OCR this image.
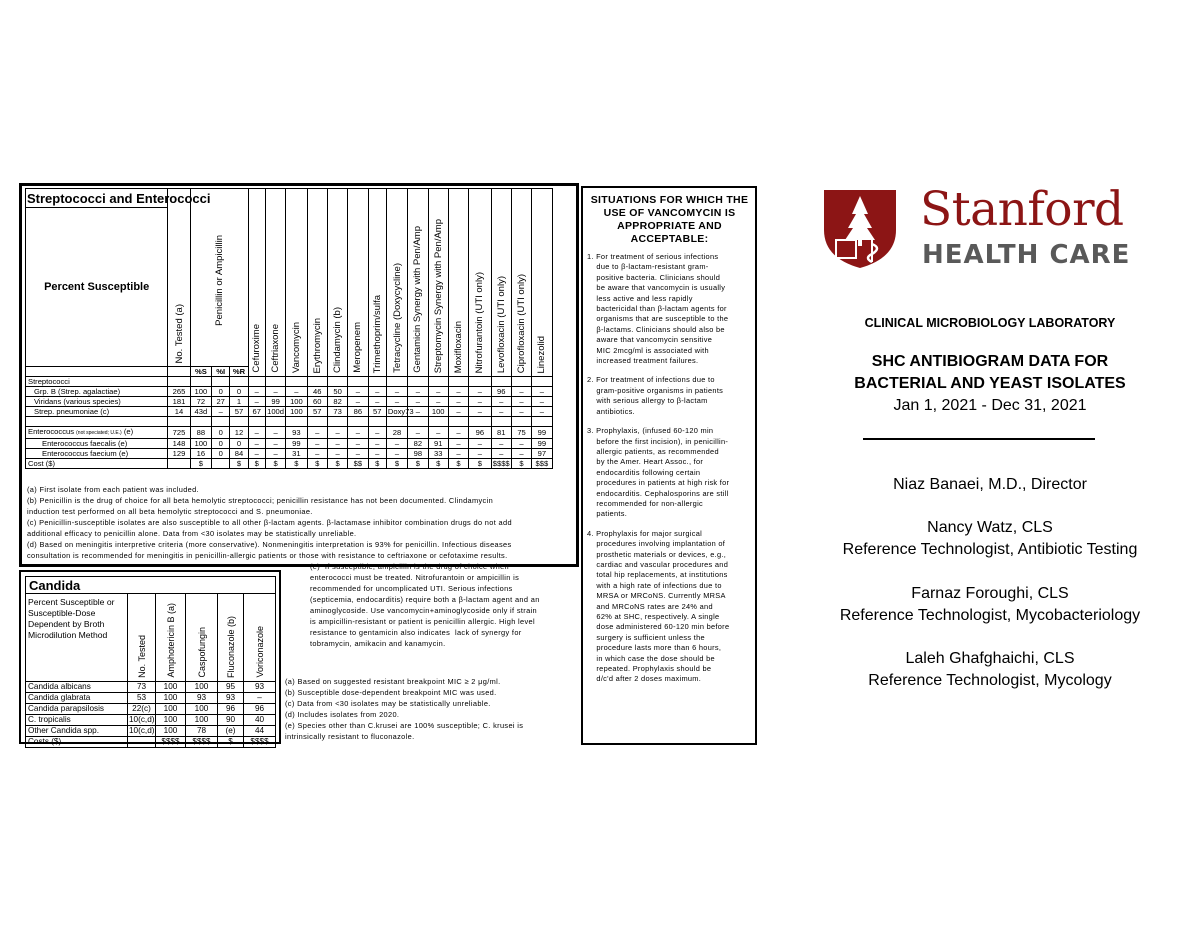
Streptococci and Enterococci	No. Tested (a)	Penicillin or Ampicillin			Cefuroxime	Ceftriaxone	Vancomycin	Erythromycin	Clindamycin (b)	Meropenem	Trimethoprim/sulfa	Tetracycline (Doxycycline)	Gentamicin Synergy with Pen/Amp	Streptomycin Synergy with Pen/Amp	Moxifloxacin	Nitrofurantoin (UTI only)	Levofloxacin (UTI only)	Ciprofloxacin (UTI only)	Linezolid

Percent Susceptible																			
		%S	%I	%R															
Streptococci																			
Grp. B (Strep. agalactiae)	265	100	0	0	–	–	–	46	50	–	–	–	–	–	–	–	96	–	–
Viridans (various species)	181	72	27	1	–	99	100	60	82	–	–	–	–	–	–	–	–	–	–
Strep. pneumoniae (c)	14	43d	–	57	67	100d	100	57	73	86	57	Doxy73	–	100	–	–	–	–	–

Enterococcus (not speciated; U.E.) (e)	725	88	0	12	–	–	93	–	–	–	–	28	–	–	–	96	81	75	99
Enterococcus faecalis (e)	148	100	0	0	–	–	99	–	–	–	–	–	82	91	–	–	–	–	99
Enterococcus faecium (e)	129	16	0	84	–	–	31	–	–	–	–	–	98	33	–	–	–	–	97
Cost ($)		$		$	$	$	$	$	$	$$	$	$	$	$	$	$	$$$$	$	$$$
(a) First isolate from each patient was included.
(b) Penicillin is the drug of choice for all beta hemolytic streptococci; penicillin resistance has not been documented. Clindamycin
induction test performed on all beta hemolytic streptococci and S. pneumoniae.
(c) Penicillin-susceptible isolates are also susceptible to all other β-lactam agents. β-lactamase inhibitor combination drugs do not add
additional efficacy to penicillin alone. Data from <30 isolates may be statistically unreliable.
(d) Based on meningitis interpretive criteria (more conservative). Nonmeningitis interpretation is 93% for penicillin. Infectious diseases
consultation is recommended for meningitis in penicillin-allergic patients or those with resistance to ceftriaxone or cefotaxime results.
(e)  If susceptible, ampicillin is the drug of choice when
enterococci must be treated. Nitrofurantoin or ampicillin is
recommended for uncomplicated UTI. Serious infections
(septicemia, endocarditis) require both a β-lactam agent and an
aminoglycoside. Use vancomycin+aminoglycoside only if strain
is ampicillin-resistant or patient is penicillin allergic. High level
resistance to gentamicin also indicates  lack of synergy for
tobramycin, amikacin and kanamycin.
Candida					
Percent Susceptible or Susceptible-Dose Dependent by Broth Microdilution Method	No. Tested	Amphotericin B (a)	Caspofungin	Fluconazole (b)	Voriconazole

Candida albicans	73	100	100	95	93
Candida glabrata	53	100	93	93	–
Candida parapsilosis	22(c)	100	100	96	96
C. tropicalis	10(c,d)	100	100	90	40
Other Candida spp.	10(c,d)	100	78	(e)	44
Costs ($)		$$$$	$$$$	$	$$$$
(a) Based on suggested resistant breakpoint MIC ≥ 2 μg/ml.
(b) Susceptible dose-dependent breakpoint MIC was used.
(c) Data from <30 isolates may be statistically unreliable.
(d) Includes isolates from 2020.
(e) Species other than C.krusei are 100% susceptible; C. krusei is
intrinsically resistant to fluconazole.
SITUATIONS FOR WHICH THE USE OF VANCOMYCIN IS APPROPRIATE AND ACCEPTABLE:
1. For treatment of serious infections
due to β-lactam-resistant gram-
positive bacteria. Clinicians should
be aware that vancomycin is usually
less active and less rapidly
bactericidal than β-lactam agents for
organisms that are susceptible to the
β-lactams. Clinicians should also be
aware that vancomycin sensitive
MIC 2mcg/ml is associated with
increased treatment failures.
2. For treatment of infections due to
gram-positive organisms in patients
with serious allergy to β-lactam
antibiotics.
3. Prophylaxis, (infused 60-120 min
before the first incision), in penicillin-
allergic patients, as recommended
by the Amer. Heart Assoc., for
endocarditis following certain
procedures in patients at high risk for
endocarditis. Cephalosporins are still
recommended for non-allergic
patients.
4. Prophylaxis for major surgical
procedures involving implantation of
prosthetic materials or devices, e.g.,
cardiac and vascular procedures and
total hip replacements, at institutions
with a high rate of infections due to
MRSA or MRCoNS. Currently MRSA
and MRCoNS rates are 24% and
62% at SHC, respectively. A single
dose administered 60-120 min before
surgery is sufficient unless the
procedure lasts more than 6 hours,
in which case the dose should be
repeated. Prophylaxis should be
d/c'd after 2 doses maximum.
Stanford
HEALTH CARE
CLINICAL MICROBIOLOGY LABORATORY
SHC ANTIBIOGRAM DATA FOR
BACTERIAL AND YEAST ISOLATES
Jan 1, 2021 - Dec 31, 2021
Niaz Banaei, M.D., Director
Nancy Watz, CLS
Reference Technologist, Antibiotic Testing
Farnaz Foroughi, CLS
Reference Technologist, Mycobacteriology
Laleh Ghafghaichi, CLS
Reference Technologist, Mycology
